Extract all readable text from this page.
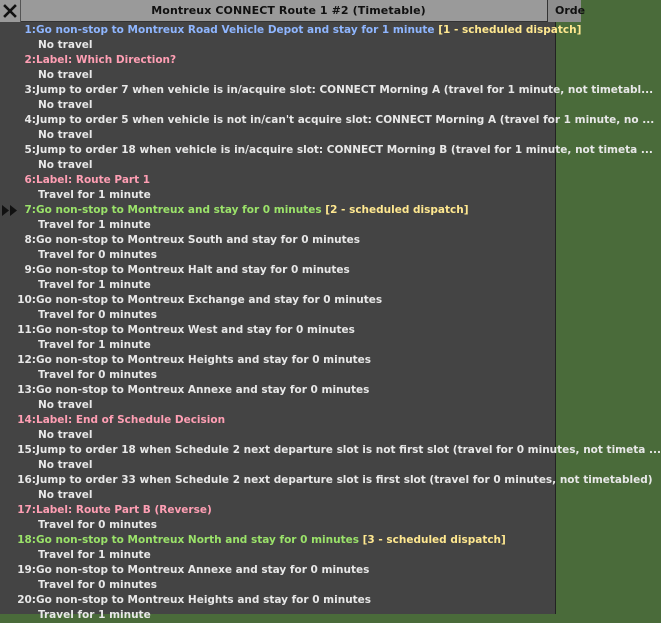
Montreux CONNECT Route 1 #2 (Timetable)
1:Go non-stop to Montreux Road Vehicle Depot and stay for 1 minute [1 - scheduled dispatch]
No travel
2:Label: Which Direction?
No travel
3:Jump to order 7 when vehicle is in/acquire slot: CONNECT Morning A (travel for 1 minute, not timetabl...
No travel
4:Jump to order 5 when vehicle is not in/can't acquire slot: CONNECT Morning A (travel for 1 minute, no ...
No travel
5:Jump to order 18 when vehicle is in/acquire slot: CONNECT Morning B (travel for 1 minute, not timeta ...
No travel
6:Label: Route Part 1
Travel for 1 minute
7:Go non-stop to Montreux and stay for 0 minutes [2 - scheduled dispatch]
Travel for 1 minute
8:Go non-stop to Montreux South and stay for 0 minutes
Travel for 0 minutes
9:Go non-stop to Montreux Halt and stay for 0 minutes
Travel for 1 minute
10:Go non-stop to Montreux Exchange and stay for 0 minutes
Travel for 0 minutes
11:Go non-stop to Montreux West and stay for 0 minutes
Travel for 1 minute
12:Go non-stop to Montreux Heights and stay for 0 minutes
Travel for 0 minutes
13:Go non-stop to Montreux Annexe and stay for 0 minutes
No travel
14:Label: End of Schedule Decision
No travel
15:Jump to order 18 when Schedule 2 next departure slot is not first slot (travel for 0 minutes, not timeta ...
No travel
16:Jump to order 33 when Schedule 2 next departure slot is first slot (travel for 0 minutes, not timetabled)
No travel
17:Label: Route Part B (Reverse)
Travel for 0 minutes
18:Go non-stop to Montreux North and stay for 0 minutes [3 - scheduled dispatch]
Travel for 1 minute
19:Go non-stop to Montreux Annexe and stay for 0 minutes
Travel for 0 minutes
20:Go non-stop to Montreux Heights and stay for 0 minutes
Travel for 1 minute
Orde
